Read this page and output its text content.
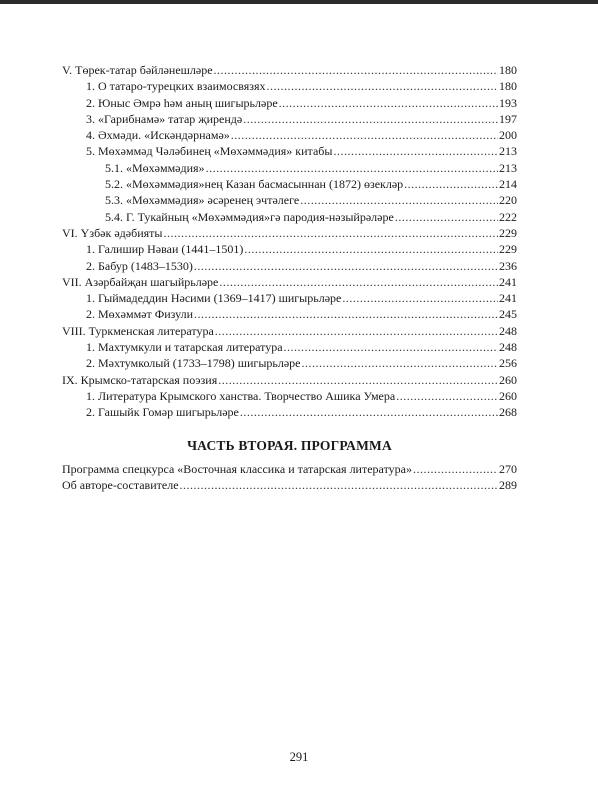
V. Төрек-татар бәйләнешләре .....	180
1. О татаро-турецких взаимосвязях .....	180
2. Юныс Әмрә һәм аның шигырьләре .....	193
3. «Гарибнамә» татар җирендә .....	197
4. Әхмәди. «Искәндәрнамә» .....	200
5. Мөхәммәд Чәләбинең «Мөхәммәдия» китабы .....	213
5.1. «Мөхәммәдия» .....	213
5.2. «Мөхәммәдия»нең Казан басмасыннан (1872) өзекләр .....	214
5.3. «Мөхәммәдия» әсәренең эчтәлеге .....	220
5.4. Г. Тукайның «Мөхәммәдия»гә пародия-нәзыйрәләре .....	222
VI. Үзбәк әдәбияты .....	229
1. Галишир Нәваи (1441–1501) .....	229
2. Бабур (1483–1530) .....	236
VII. Азәрбайҗан шагыйрьләре .....	241
1. Гыймадеддин Нәсими (1369–1417) шигырьләре .....	241
2. Мөхәммәт Физули .....	245
VIII. Туркменская литература .....	248
1. Махтумкули и татарская литература .....	248
2. Мәхтумколый (1733–1798) шигырьләре .....	256
IX. Крымско-татарская поэзия .....	260
1. Литература Крымского ханства. Творчество Ашика Умера .....	260
2. Гашыйк Гомәр шигырьләре .....	268
ЧАСТЬ ВТОРАЯ. ПРОГРАММА
Программа спецкурса «Восточная классика и татарская литература» .....	270
Об авторе-составителе .....	289
291
